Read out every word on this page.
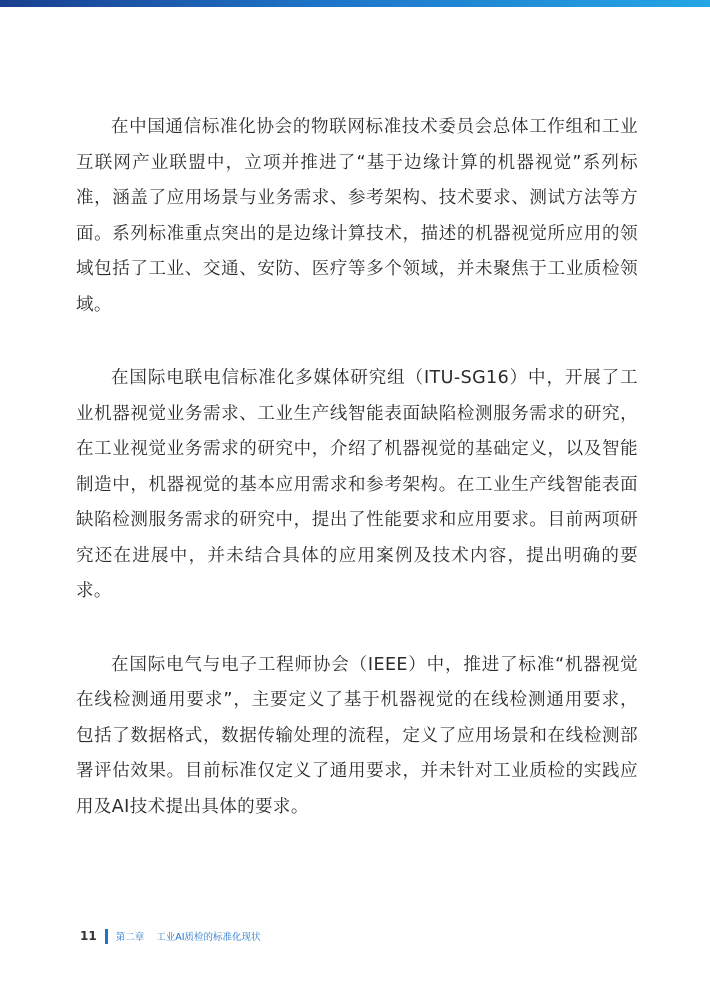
在中国通信标准化协会的物联网标准技术委员会总体工作组和工业互联网产业联盟中，立项并推进了“基于边缘计算的机器视觉”系列标准，涵盖了应用场景与业务需求、参考架构、技术要求、测试方法等方面。系列标准重点突出的是边缘计算技术，描述的机器视觉所应用的领域包括了工业、交通、安防、医疗等多个领域，并未聚焦于工业质检领域。

在国际电联电信标准化多媒体研究组（ITU-SG16）中，开展了工业机器视觉业务需求、工业生产线智能表面缺陷检测服务需求的研究，在工业视觉业务需求的研究中，介绍了机器视觉的基础定义，以及智能制造中，机器视觉的基本应用需求和参考架构。在工业生产线智能表面缺陷检测服务需求的研究中，提出了性能要求和应用要求。目前两项研究还在进展中，并未结合具体的应用案例及技术内容，提出明确的要求。

在国际电气与电子工程师协会（IEEE）中，推进了标准“机器视觉在线检测通用要求”，主要定义了基于机器视觉的在线检测通用要求，包括了数据格式，数据传输处理的流程，定义了应用场景和在线检测部署评估效果。目前标准仅定义了通用要求，并未针对工业质检的实践应用及AI技术提出具体的要求。

11 第二章 工业AI质检的标准化现状
